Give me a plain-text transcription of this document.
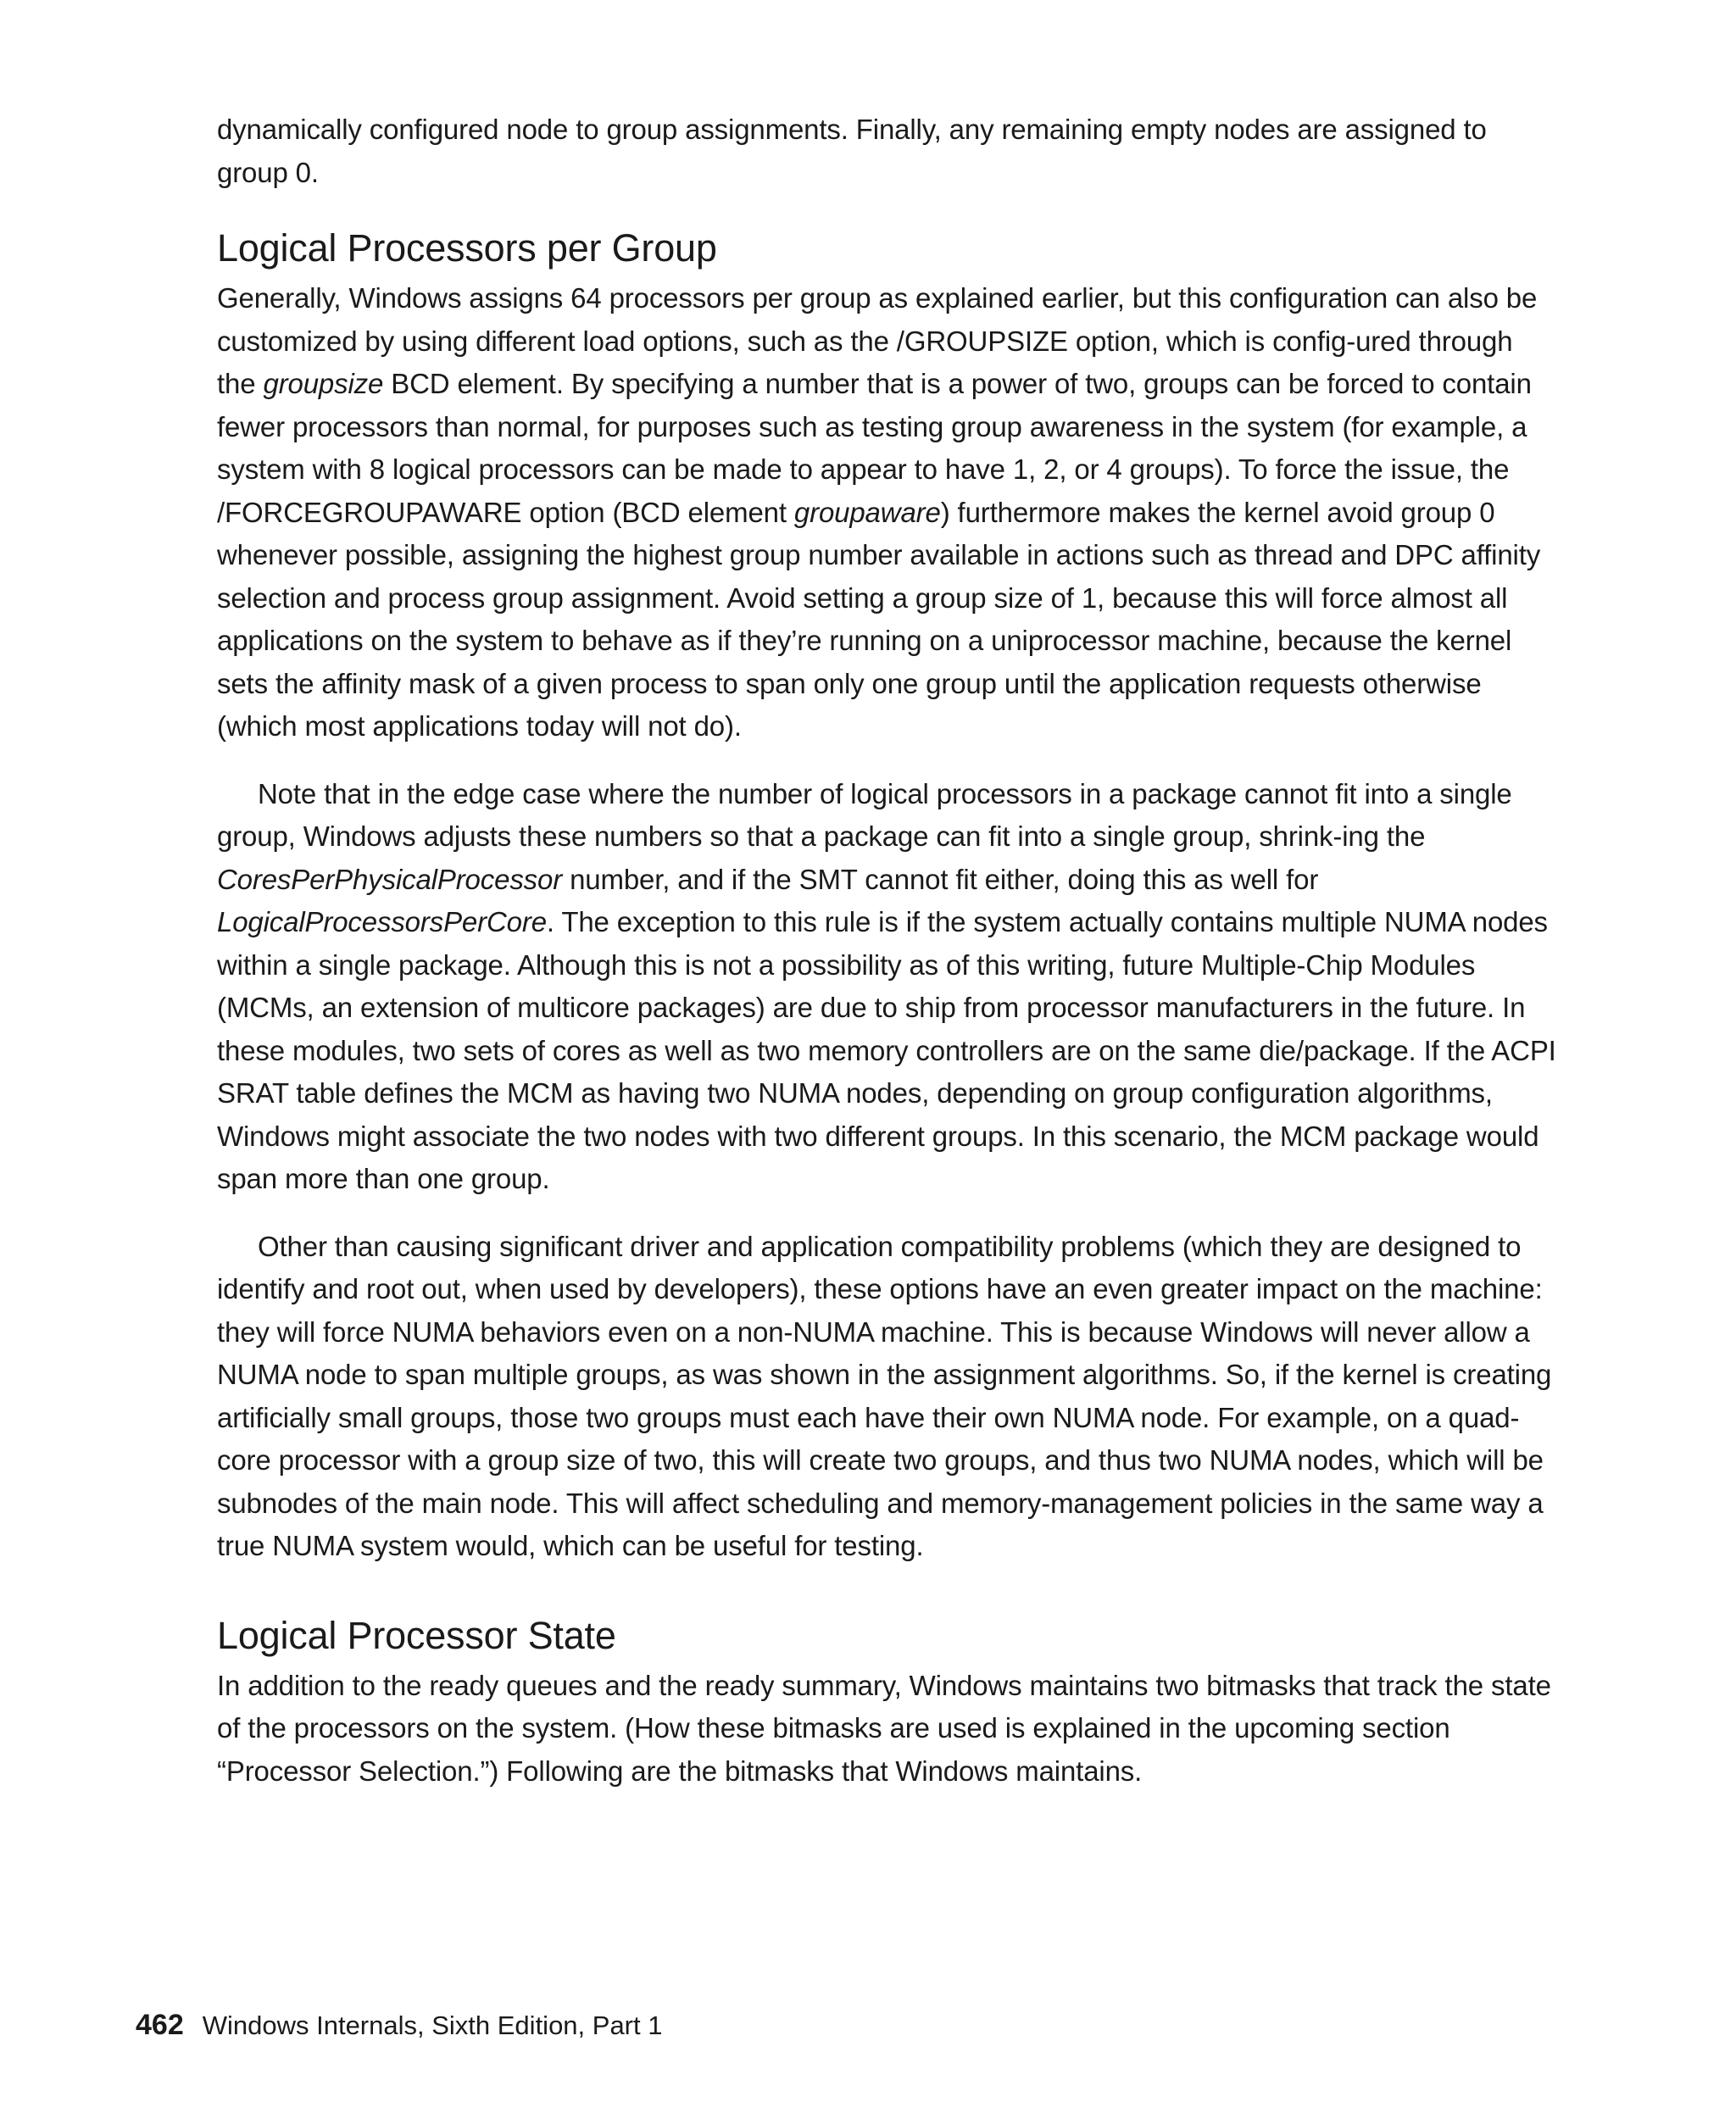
dynamically configured node to group assignments. Finally, any remaining empty nodes are assigned to group 0.

Logical Processors per Group

Generally, Windows assigns 64 processors per group as explained earlier, but this configuration can also be customized by using different load options, such as the /GROUPSIZE option, which is config-ured through the groupsize BCD element. By specifying a number that is a power of two, groups can be forced to contain fewer processors than normal, for purposes such as testing group awareness in the system (for example, a system with 8 logical processors can be made to appear to have 1, 2, or 4 groups). To force the issue, the /FORCEGROUPAWARE option (BCD element groupaware) furthermore makes the kernel avoid group 0 whenever possible, assigning the highest group number available in actions such as thread and DPC affinity selection and process group assignment. Avoid setting a group size of 1, because this will force almost all applications on the system to behave as if they’re running on a uniprocessor machine, because the kernel sets the affinity mask of a given process to span only one group until the application requests otherwise (which most applications today will not do).

Note that in the edge case where the number of logical processors in a package cannot fit into a single group, Windows adjusts these numbers so that a package can fit into a single group, shrink-ing the CoresPerPhysicalProcessor number, and if the SMT cannot fit either, doing this as well for LogicalProcessorsPerCore. The exception to this rule is if the system actually contains multiple NUMA nodes within a single package. Although this is not a possibility as of this writing, future Multiple-Chip Modules (MCMs, an extension of multicore packages) are due to ship from processor manufacturers in the future. In these modules, two sets of cores as well as two memory controllers are on the same die/package. If the ACPI SRAT table defines the MCM as having two NUMA nodes, depending on group configuration algorithms, Windows might associate the two nodes with two different groups. In this scenario, the MCM package would span more than one group.

Other than causing significant driver and application compatibility problems (which they are designed to identify and root out, when used by developers), these options have an even greater impact on the machine: they will force NUMA behaviors even on a non-NUMA machine. This is because Windows will never allow a NUMA node to span multiple groups, as was shown in the assignment algorithms. So, if the kernel is creating artificially small groups, those two groups must each have their own NUMA node. For example, on a quad-core processor with a group size of two, this will create two groups, and thus two NUMA nodes, which will be subnodes of the main node. This will affect scheduling and memory-management policies in the same way a true NUMA system would, which can be useful for testing.

Logical Processor State

In addition to the ready queues and the ready summary, Windows maintains two bitmasks that track the state of the processors on the system. (How these bitmasks are used is explained in the upcoming section “Processor Selection.”) Following are the bitmasks that Windows maintains.

462 Windows Internals, Sixth Edition, Part 1
